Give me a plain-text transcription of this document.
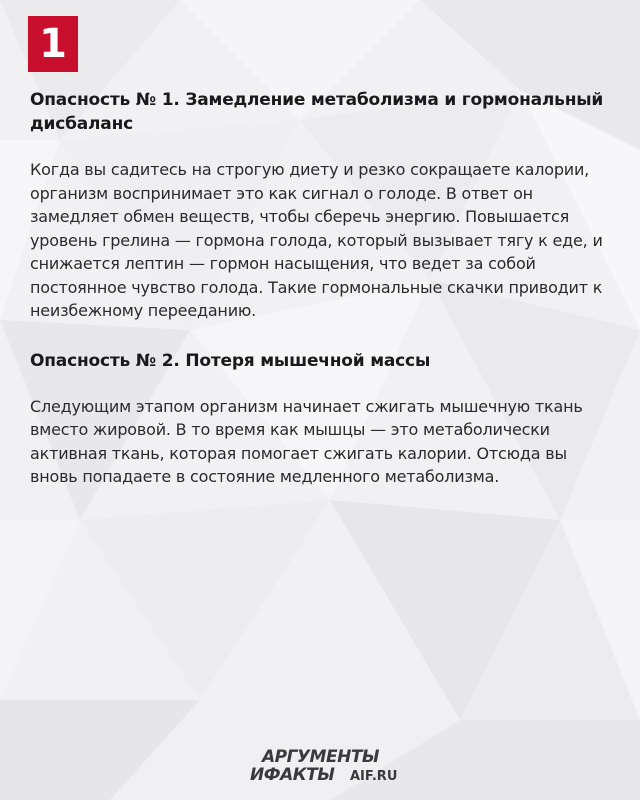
1
Опасность № 1. Замедление метаболизма и гормональный дисбаланс

Когда вы садитесь на строгую диету и резко сокращаете калории, организм воспринимает это как сигнал о голоде. В ответ он замедляет обмен веществ, чтобы сберечь энергию. Повышается уровень грелина — гормона голода, который вызывает тягу к еде, и снижается лептин — гормон насыщения, что ведет за собой постоянное чувство голода. Такие гормональные скачки приводит к неизбежному перееданию.

Опасность № 2. Потеря мышечной массы

Следующим этапом организм начинает сжигать мышечную ткань вместо жировой. В то время как мышцы — это метаболически активная ткань, которая помогает сжигать калории. Отсюда вы вновь попадаете в состояние медленного метаболизма.

АРГУМЕНТЫ
ИФАКТЫ AIF.RU
